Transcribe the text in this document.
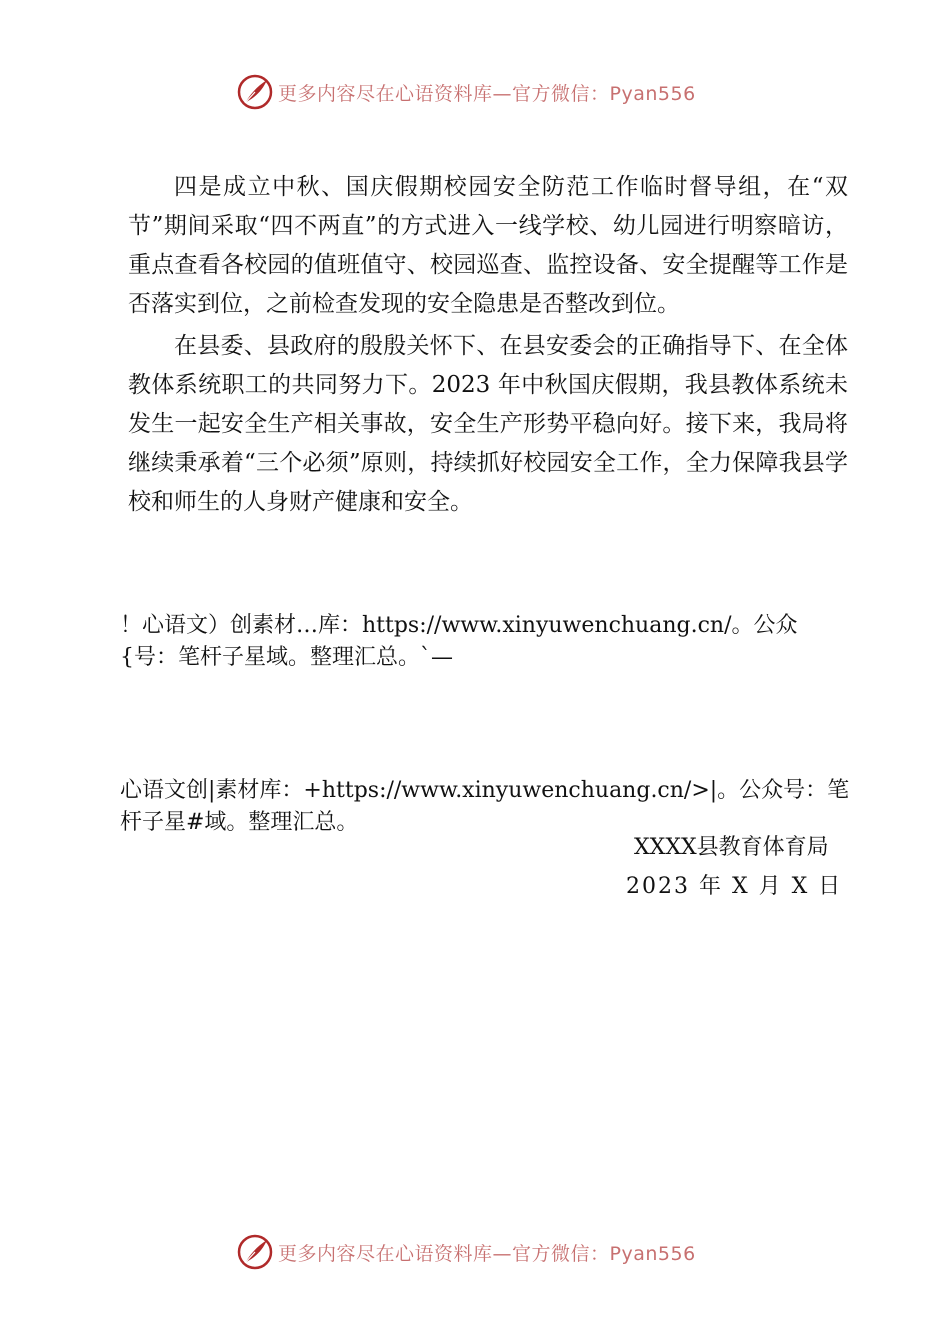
更多内容尽在心语资料库—官方微信：Pyan556

四是成立中秋、国庆假期校园安全防范工作临时督导组，在“双节”期间采取“四不两直”的方式进入一线学校、幼儿园进行明察暗访，重点查看各校园的值班值守、校园巡查、监控设备、安全提醒等工作是否落实到位，之前检查发现的安全隐患是否整改到位。

在县委、县政府的殷殷关怀下、在县安委会的正确指导下、在全体教体系统职工的共同努力下。2023 年中秋国庆假期，我县教体系统未发生一起安全生产相关事故，安全生产形势平稳向好。接下来，我局将继续秉承着“三个必须”原则，持续抓好校园安全工作，全力保障我县学校和师生的人身财产健康和安全。

！心语文）创素材…库：https://www.xinyuwenchuang.cn/。公众{号：笔杆子星域。整理汇总。`—

心语文创|素材库：+https://www.xinyuwenchuang.cn/>|。公众号：笔杆子星#域。整理汇总。

XXXX县教育体育局
2023 年 X 月 X 日
更多内容尽在心语资料库—官方微信：Pyan556
